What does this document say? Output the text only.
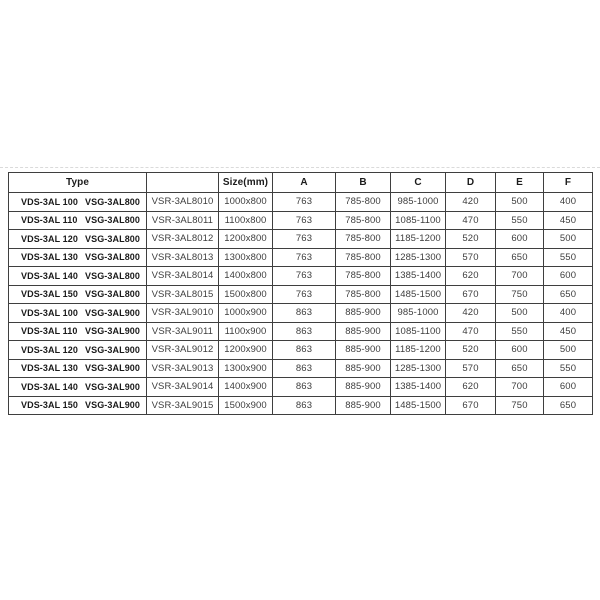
Type		Size(mm)	A	B	C	D	E	F

VDS-3AL 100 VSG-3AL800	VSR-3AL8010	1000x800	763	785-800	985-1000	420	500	400

VDS-3AL 110 VSG-3AL800	VSR-3AL8011	1100x800	763	785-800	1085-1100	470	550	450

VDS-3AL 120 VSG-3AL800	VSR-3AL8012	1200x800	763	785-800	1185-1200	520	600	500

VDS-3AL 130 VSG-3AL800	VSR-3AL8013	1300x800	763	785-800	1285-1300	570	650	550

VDS-3AL 140 VSG-3AL800	VSR-3AL8014	1400x800	763	785-800	1385-1400	620	700	600

VDS-3AL 150 VSG-3AL800	VSR-3AL8015	1500x800	763	785-800	1485-1500	670	750	650

VDS-3AL 100 VSG-3AL900	VSR-3AL9010	1000x900	863	885-900	985-1000	420	500	400

VDS-3AL 110 VSG-3AL900	VSR-3AL9011	1100x900	863	885-900	1085-1100	470	550	450

VDS-3AL 120 VSG-3AL900	VSR-3AL9012	1200x900	863	885-900	1185-1200	520	600	500

VDS-3AL 130 VSG-3AL900	VSR-3AL9013	1300x900	863	885-900	1285-1300	570	650	550

VDS-3AL 140 VSG-3AL900	VSR-3AL9014	1400x900	863	885-900	1385-1400	620	700	600

VDS-3AL 150 VSG-3AL900	VSR-3AL9015	1500x900	863	885-900	1485-1500	670	750	650
